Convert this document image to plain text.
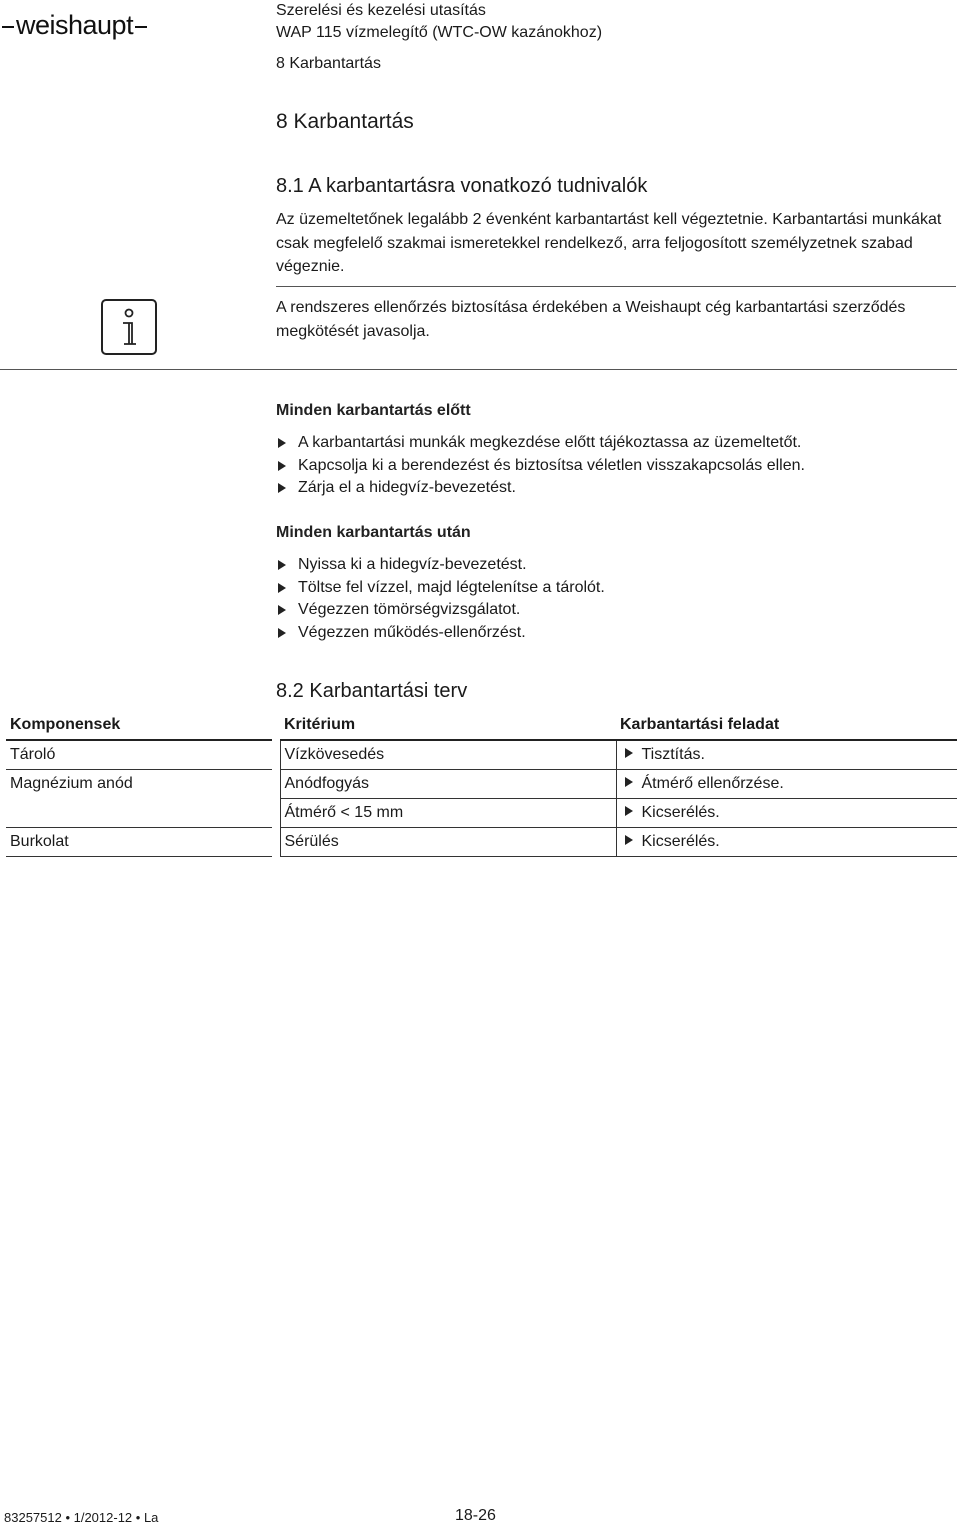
weishaupt	Szerelési és kezelési utasítás
WAP 115 vízmelegítő (WTC-OW kazánokhoz)
8 Karbantartás
8 Karbantartás
8.1 A karbantartásra vonatkozó tudnivalók
Az üzemeltetőnek legalább 2 évenként karbantartást kell végeztetnie. Karbantartási munkákat csak megfelelő szakmai ismeretekkel rendelkező, arra feljogosított személyzetnek szabad végeznie.
A rendszeres ellenőrzés biztosítása érdekében a Weishaupt cég karbantartási szerződés megkötését javasolja.
Minden karbantartás előtt
A karbantartási munkák megkezdése előtt tájékoztassa az üzemeltetőt.
Kapcsolja ki a berendezést és biztosítsa véletlen visszakapcsolás ellen.
Zárja el a hidegvíz-bevezetést.
Minden karbantartás után
Nyissa ki a hidegvíz-bevezetést.
Töltse fel vízzel, majd légtelenítse a tárolót.
Végezzen tömörségvizsgálatot.
Végezzen működés-ellenőrzést.
8.2 Karbantartási terv
Komponensek		Kritérium	Karbantartási feladat
Tároló		Vízkövesedés	Tisztítás.
Magnézium anód		Anódfogyás	Átmérő ellenőrzése.
		Átmérő < 15 mm	Kicserélés.
Burkolat		Sérülés	Kicserélés.
83257512 • 1/2012-12 • La	18-26
